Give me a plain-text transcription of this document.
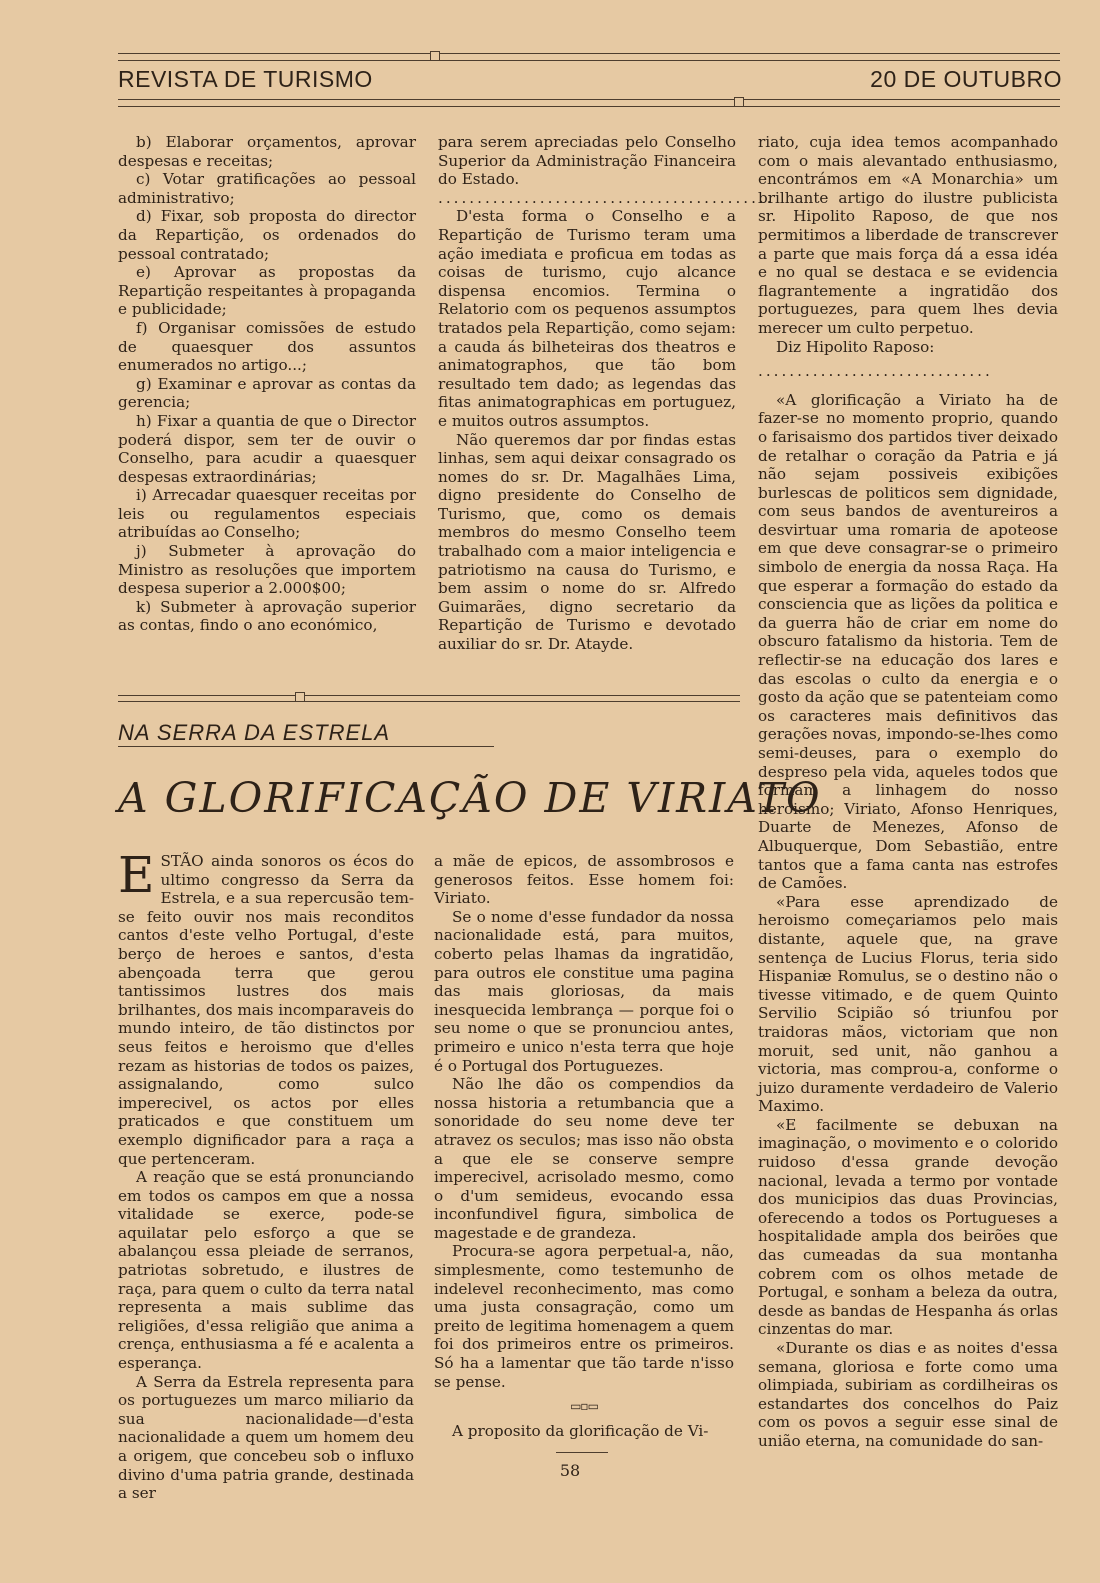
REVISTA DE TURISMO	20 DE OUTUBRO

b) Elaborar orçamentos, aprovar despesas e receitas;

c) Votar gratificações ao pessoal administrativo;

d) Fixar, sob proposta do director da Repartição, os ordenados do pessoal contratado;

e) Aprovar as propostas da Repartição respeitantes à propaganda e publicidade;

f) Organisar comissões de estudo de quaesquer dos assuntos enumerados no artigo...;

g) Examinar e aprovar as contas da gerencia;

h) Fixar a quantia de que o Director poderá dispor, sem ter de ouvir o Conselho, para acudir a quaesquer despesas extraordinárias;

i) Arrecadar quaesquer receitas por leis ou regulamentos especiais atribuídas ao Conselho;

j) Submeter à aprovação do Ministro as resoluções que importem despesa superior a 2.000$00;

k) Submeter à aprovação superior as contas, findo o ano económico,

para serem apreciadas pelo Conselho Superior da Administração Financeira do Estado.

...........................................

D'esta forma o Conselho e a Repartição de Turismo teram uma ação imediata e proficua em todas as coisas de turismo, cujo alcance dispensa encomios. Termina o Relatorio com os pequenos assumptos tratados pela Repartição, como sejam: a cauda ás bilheteiras dos theatros e animatographos, que tão bom resultado tem dado; as legendas das fitas animatographicas em portuguez, e muitos outros assumptos.

Não queremos dar por findas estas linhas, sem aqui deixar consagrado os nomes do sr. Dr. Magalhães Lima, digno presidente do Conselho de Turismo, que, como os demais membros do mesmo Conselho teem trabalhado com a maior inteligencia e patriotismo na causa do Turismo, e bem assim o nome do sr. Alfredo Guimarães, digno secretario da Repartição de Turismo e devotado auxiliar do sr. Dr. Atayde.

riato, cuja idea temos acompanhado com o mais alevantado enthusiasmo, encontrámos em «A Monarchia» um brilhante artigo do ilustre publicista sr. Hipolito Raposo, de que nos permitimos a liberdade de transcrever a parte que mais força dá a essa idéa e no qual se destaca e se evidencia flagrantemente a ingratidão dos portuguezes, para quem lhes devia merecer um culto perpetuo.

Diz Hipolito Raposo:

..............................

«A glorificação a Viriato ha de fazer-se no momento proprio, quando o farisaismo dos partidos tiver deixado de retalhar o coração da Patria e já não sejam possiveis exibições burlescas de politicos sem dignidade, com seus bandos de aventureiros a desvirtuar uma romaria de apoteose em que deve consagrar-se o primeiro simbolo de energia da nossa Raça. Ha que esperar a formação do estado da consciencia que as lições da politica e da guerra hão de criar em nome do obscuro fatalismo da historia. Tem de reflectir-se na educação dos lares e das escolas o culto da energia e o gosto da ação que se patenteiam como os caracteres mais definitivos das gerações novas, impondo-se-lhes como semi-deuses, para o exemplo do despreso pela vida, aqueles todos que formam a linhagem do nosso heroismo; Viriato, Afonso Henriques, Duarte de Menezes, Afonso de Albuquerque, Dom Sebastião, entre tantos que a fama canta nas estrofes de Camões.

«Para esse aprendizado de heroismo começariamos pelo mais distante, aquele que, na grave sentença de Lucius Florus, teria sido Hispaniæ Romulus, se o destino não o tivesse vitimado, e de quem Quinto Servilio Scipião só triunfou por traidoras mãos, victoriam que non moruit, sed unit, não ganhou a victoria, mas comprou-a, conforme o juizo duramente verdadeiro de Valerio Maximo.

«E facilmente se debuxan na imaginação, o movimento e o colorido ruidoso d'essa grande devoção nacional, levada a termo por vontade dos municipios das duas Provincias, oferecendo a todos os Portugueses a hospitalidade ampla dos beirões que das cumeadas da sua montanha cobrem com os olhos metade de Portugal, e sonham a beleza da outra, desde as bandas de Hespanha ás orlas cinzentas do mar.

«Durante os dias e as noites d'essa semana, gloriosa e forte como uma olimpiada, subiriam as cordilheiras os estandartes dos concelhos do Paiz com os povos a seguir esse sinal de união eterna, na comunidade do san-

NA SERRA DA ESTRELA
A GLORIFICAÇÃO DE VIRIATO

ESTÃO ainda sonoros os écos do ultimo congresso da Serra da Estrela, e a sua repercusão tem-se feito ouvir nos mais reconditos cantos d'este velho Portugal, d'este berço de heroes e santos, d'esta abençoada terra que gerou tantissimos lustres dos mais brilhantes, dos mais incomparaveis do mundo inteiro, de tão distinctos por seus feitos e heroismo que d'elles rezam as historias de todos os paizes, assignalando, como sulco imperecivel, os actos por elles praticados e que constituem um exemplo dignificador para a raça a que pertenceram.

A reação que se está pronunciando em todos os campos em que a nossa vitalidade se exerce, pode-se aquilatar pelo esforço a que se abalançou essa pleiade de serranos, patriotas sobretudo, e ilustres de raça, para quem o culto da terra natal representa a mais sublime das religiões, d'essa religião que anima a crença, enthusiasma a fé e acalenta a esperança.

A Serra da Estrela representa para os portuguezes um marco miliario da sua nacionalidade—d'esta nacionalidade a quem um homem deu a origem, que concebeu sob o influxo divino d'uma patria grande, destinada a ser

a mãe de epicos, de assombrosos e generosos feitos. Esse homem foi: Viriato.

Se o nome d'esse fundador da nossa nacionalidade está, para muitos, coberto pelas lhamas da ingratidão, para outros ele constitue uma pagina das mais gloriosas, da mais inesquecida lembrança — porque foi o seu nome o que se pronunciou antes, primeiro e unico n'esta terra que hoje é o Portugal dos Portuguezes.

Não lhe dão os compendios da nossa historia a retumbancia que a sonoridade do seu nome deve ter atravez os seculos; mas isso não obsta a que ele se conserve sempre imperecivel, acrisolado mesmo, como o d'um semideus, evocando essa inconfundivel figura, simbolica de magestade e de grandeza.

Procura-se agora perpetual-a, não, simplesmente, como testemunho de indelevel reconhecimento, mas como uma justa consagração, como um preito de legitima homenagem a quem foi dos primeiros entre os primeiros. Só ha a lamentar que tão tarde n'isso se pense.

▭▫▭

A proposito da glorificação de Vi-

58
